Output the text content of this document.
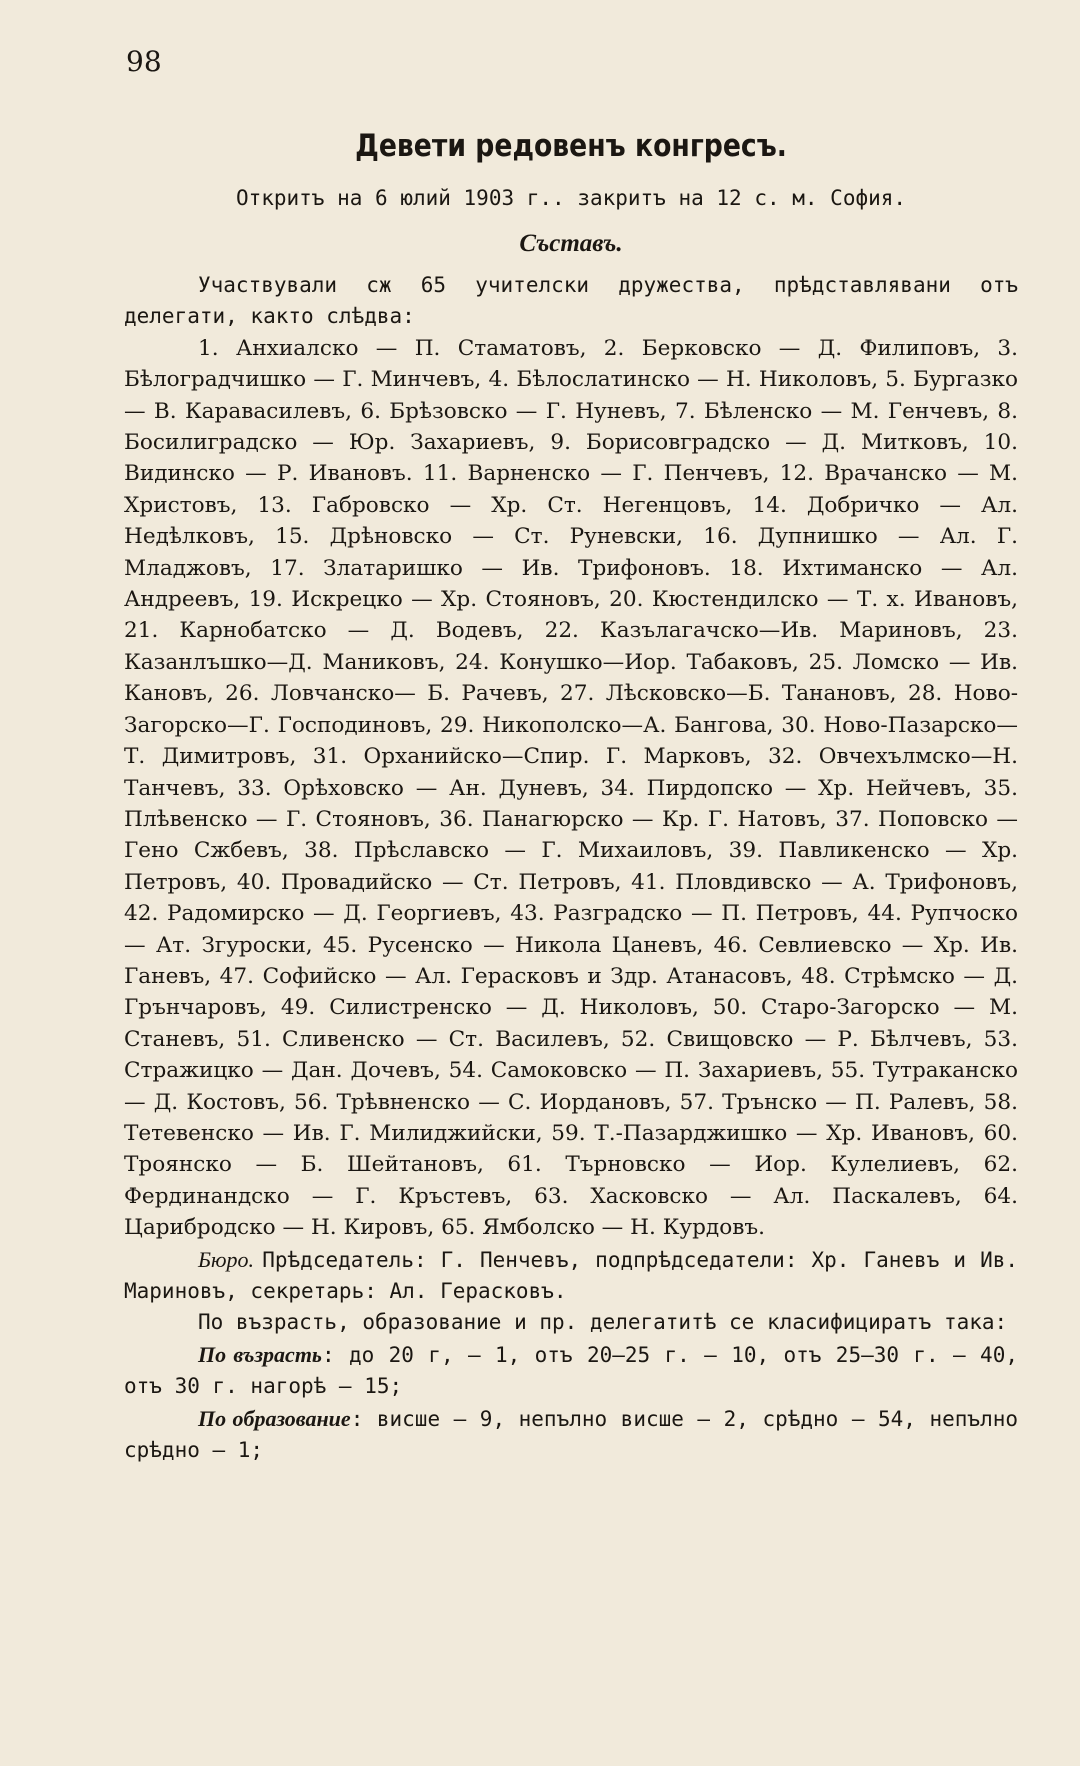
98
Девети редовенъ конгресъ.
Откритъ на 6 юлий 1903 г.. закритъ на 12 с. м. София.
Съставъ.

Участвували сж 65 учителски дружества, прѣдставлявани отъ делегати, както слѣдва:

1. Анхиалско — П. Стаматовъ, 2. Берковско — Д. Филиповъ, 3. Бѣлоградчишко — Г. Минчевъ, 4. Бѣлослатинско — Н. Николовъ, 5. Бургазко — В. Каравасилевъ, 6. Брѣзовско — Г. Нуневъ, 7. Бѣленско — М. Генчевъ, 8. Босилиградско — Юр. Захариевъ, 9. Борисовградско — Д. Митковъ, 10. Видинско — Р. Ивановъ. 11. Варненско — Г. Пенчевъ, 12. Врачанско — М. Христовъ, 13. Габровско — Хр. Ст. Негенцовъ, 14. Добричко — Ал. Недѣлковъ, 15. Дрѣновско — Ст. Руневски, 16. Дупнишко — Ал. Г. Младжовъ, 17. Златаришко — Ив. Трифоновъ. 18. Ихтиманско — Ал. Андреевъ, 19. Искрецко — Хр. Стояновъ, 20. Кюстендилско — Т. х. Ивановъ, 21. Карнобатско — Д. Водевъ, 22. Казълагачско—Ив. Мариновъ, 23. Казанлъшко—Д. Маниковъ, 24. Конушко—Иор. Табаковъ, 25. Ломско — Ив. Кановъ, 26. Ловчанско— Б. Рачевъ, 27. Лѣсковско—Б. Танановъ, 28. Ново-Загорско—Г. Господиновъ, 29. Никополско—А. Бангова, 30. Ново-Пазарско—Т. Димитровъ, 31. Орханийско—Спир. Г. Марковъ, 32. Овчехълмско—Н. Танчевъ, 33. Орѣховско — Ан. Дуневъ, 34. Пирдопско — Хр. Нейчевъ, 35. Плѣвенско — Г. Стояновъ, 36. Панагюрско — Кр. Г. Натовъ, 37. Поповско — Гено Сжбевъ, 38. Прѣславско — Г. Михаиловъ, 39. Павликенско — Хр. Петровъ, 40. Провадийско — Ст. Петровъ, 41. Пловдивско — А. Трифоновъ, 42. Радомирско — Д. Георгиевъ, 43. Разградско — П. Петровъ, 44. Рупчоско — Ат. Згуроски, 45. Русенско — Никола Цаневъ, 46. Севлиевско — Хр. Ив. Ганевъ, 47. Софийско — Ал. Герасковъ и Здр. Атанасовъ, 48. Стрѣмско — Д. Грънчаровъ, 49. Силистренско — Д. Николовъ, 50. Старо-Загорско — М. Станевъ, 51. Сливенско — Ст. Василевъ, 52. Свищовско — Р. Бѣлчевъ, 53. Стражицко — Дан. Дочевъ, 54. Самоковско — П. Захариевъ, 55. Тутраканско — Д. Костовъ, 56. Трѣвненско — С. Иордановъ, 57. Трънско — П. Ралевъ, 58. Тетевенско — Ив. Г. Милиджийски, 59. Т.-Пазарджишко — Хр. Ивановъ, 60. Троянско — Б. Шейтановъ, 61. Търновско — Иор. Кулелиевъ, 62. Фердинандско — Г. Кръстевъ, 63. Хасковско — Ал. Паскалевъ, 64. Царибродско — Н. Кировъ, 65. Ямболско — Н. Курдовъ.

Бюро. Прѣдседатель: Г. Пенчевъ, подпрѣдседатели: Хр. Ганевъ и Ив. Мариновъ, секретарь: Ал. Герасковъ.

По възрасть, образование и пр. делегатитѣ се класифициратъ така:

По възрасть: до 20 г, — 1, отъ 20—25 г. — 10, отъ 25—30 г. — 40, отъ 30 г. нагорѣ — 15;

По образование: висше — 9, непълно висше — 2, срѣдно — 54, непълно срѣдно — 1;
